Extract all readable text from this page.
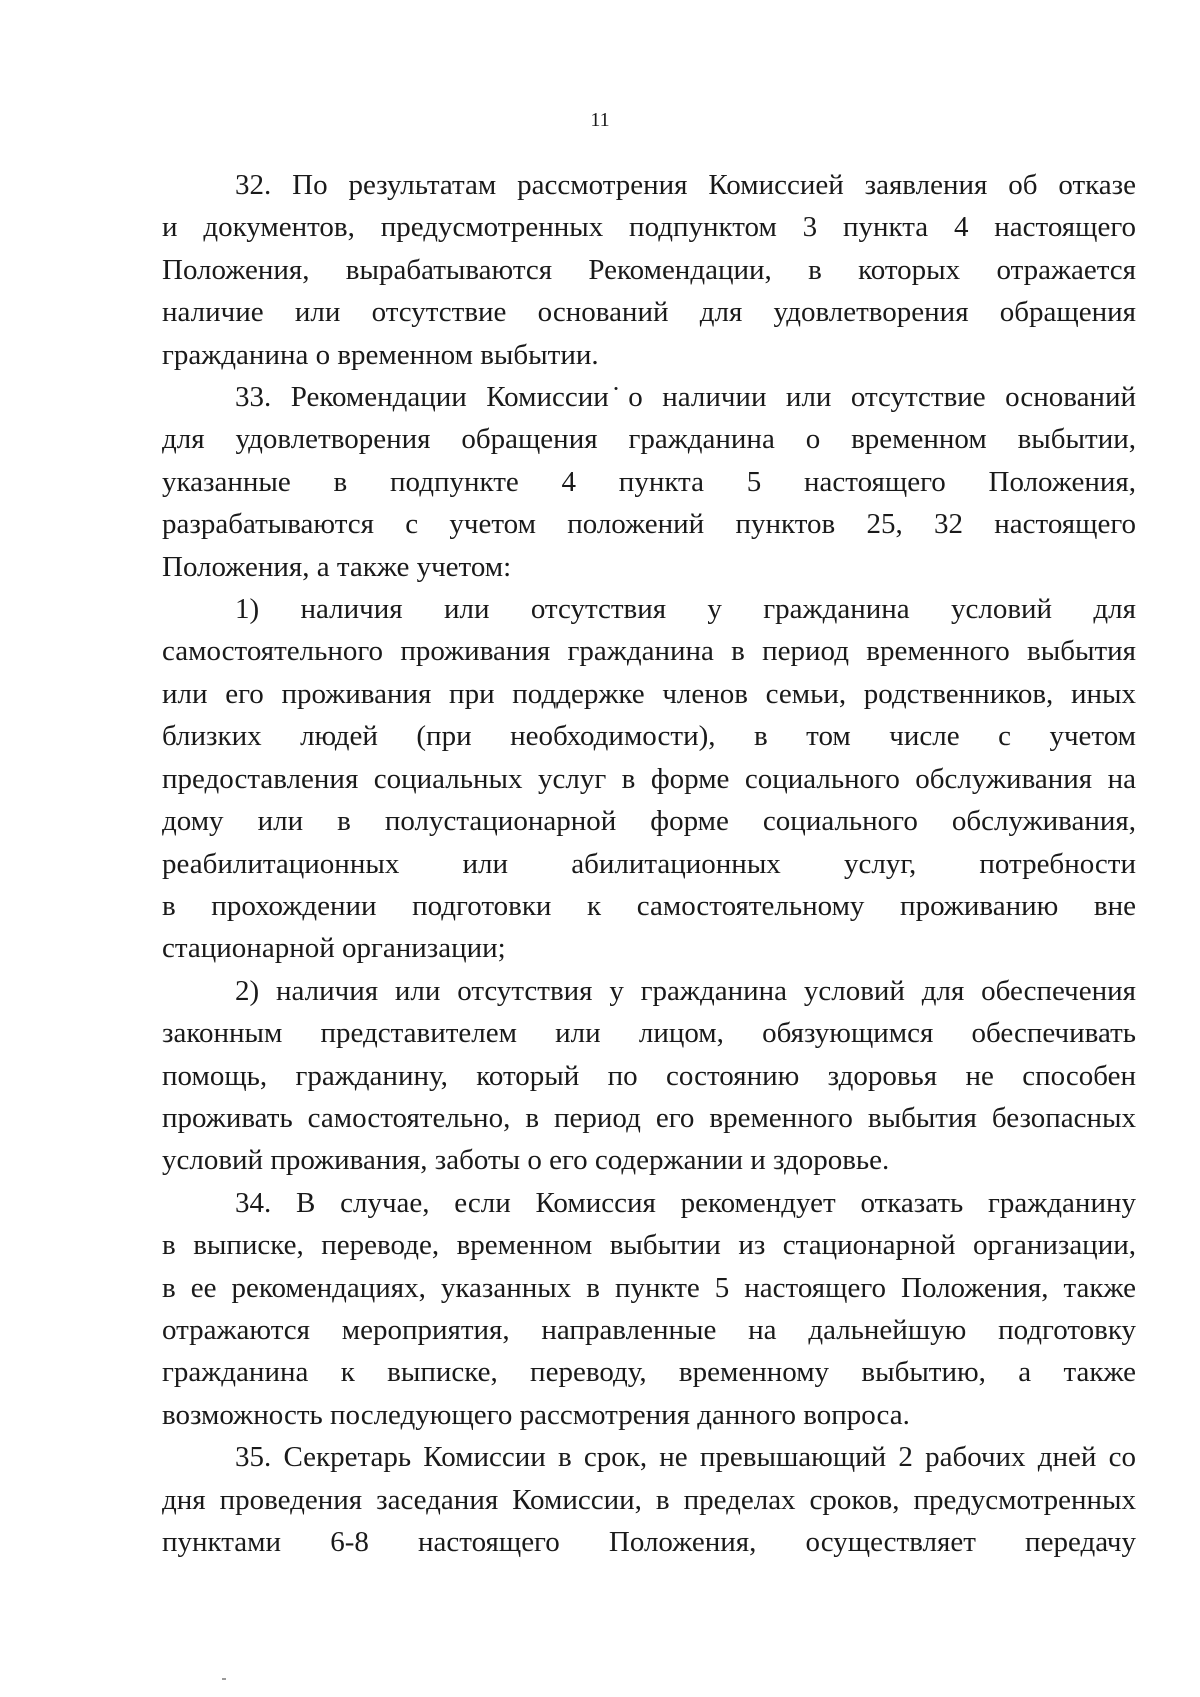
11

32. По результатам рассмотрения Комиссией заявления об отказе
и документов, предусмотренных подпунктом 3 пункта 4 настоящего
Положения, вырабатываются Рекомендации, в которых отражается
наличие или отсутствие оснований для удовлетворения обращения
гражданина о временном выбытии.

33. Рекомендации Комиссии ̇о наличии или отсутствие оснований
для удовлетворения обращения гражданина о временном выбытии,
указанные в подпункте 4 пункта 5 настоящего Положения,
разрабатываются с учетом положений пунктов 25, 32 настоящего
Положения, а также учетом:

1) наличия или отсутствия у гражданина условий для
самостоятельного проживания гражданина в период временного выбытия
или его проживания при поддержке членов семьи, родственников, иных
близких людей (при необходимости), в том числе с учетом
предоставления социальных услуг в форме социального обслуживания на
дому или в полустационарной форме социального обслуживания,
реабилитационных или абилитационных услуг, потребности
в прохождении подготовки к самостоятельному проживанию вне
стационарной организации;

2) наличия или отсутствия у гражданина условий для обеспечения
законным представителем или лицом, обязующимся обеспечивать
помощь, гражданину, который по состоянию здоровья не способен
проживать самостоятельно, в период его временного выбытия безопасных
условий проживания, заботы о его содержании и здоровье.

34. В случае, если Комиссия рекомендует отказать гражданину
в выписке, переводе, временном выбытии из стационарной организации,
в ее рекомендациях, указанных в пункте 5 настоящего Положения, также
отражаются мероприятия, направленные на дальнейшую подготовку
гражданина к выписке, переводу, временному выбытию, а также
возможность последующего рассмотрения данного вопроса.

35. Секретарь Комиссии в срок, не превышающий 2 рабочих дней со
дня проведения заседания Комиссии, в пределах сроков, предусмотренных
пунктами 6-8 настоящего Положения, осуществляет передачу
